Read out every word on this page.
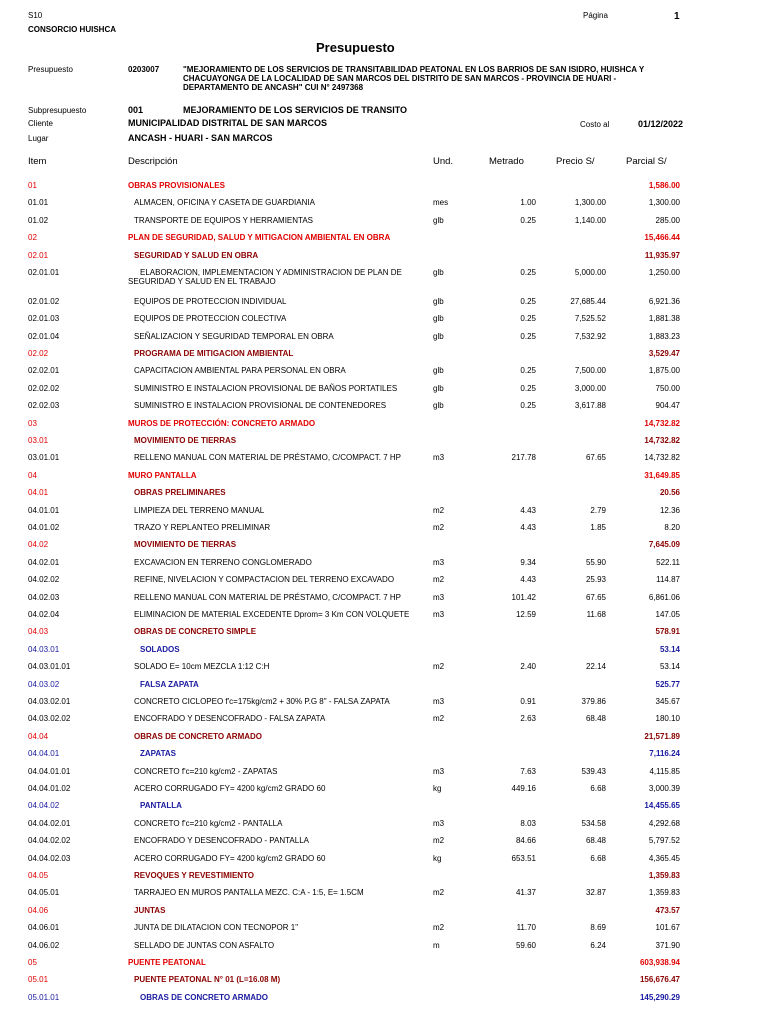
S10
CONSORCIO HUISHCA
Página	1
Presupuesto
Presupuesto	0203007	"MEJORAMIENTO DE LOS SERVICIOS DE TRANSITABILIDAD PEATONAL EN LOS BARRIOS DE SAN ISIDRO, HUISHCA Y
CHACUAYONGA DE LA LOCALIDAD DE SAN MARCOS DEL DISTRITO DE SAN MARCOS - PROVINCIA DE HUARI -
DEPARTAMENTO DE ANCASH" CUI N° 2497368
Subpresupuesto	001	MEJORAMIENTO DE LOS SERVICIOS DE TRANSITO
Cliente	MUNICIPALIDAD DISTRITAL DE SAN MARCOS	Costo al	01/12/2022
Lugar	ANCASH - HUARI - SAN MARCOS
Item	Descripción	Und.	Metrado	Precio S/	Parcial S/
01	OBRAS PROVISIONALES	1,586.00
01.01	ALMACEN, OFICINA Y CASETA DE GUARDIANIA	mes	1.00	1,300.00	1,300.00
01.02	TRANSPORTE DE EQUIPOS Y HERRAMIENTAS	glb	0.25	1,140.00	285.00
02	PLAN DE SEGURIDAD, SALUD Y MITIGACION AMBIENTAL EN OBRA	15,466.44
02.01	SEGURIDAD Y SALUD EN OBRA	11,935.97
02.01.01	ELABORACION, IMPLEMENTACION Y ADMINISTRACION DE PLAN DE SEGURIDAD Y SALUD EN EL TRABAJO
glb	0.25	5,000.00	1,250.00
02.01.02	EQUIPOS DE PROTECCION INDIVIDUAL	glb	0.25	27,685.44	6,921.36
02.01.03	EQUIPOS DE PROTECCION COLECTIVA	glb	0.25	7,525.52	1,881.38
02.01.04	SEÑALIZACION Y SEGURIDAD TEMPORAL EN OBRA	glb	0.25	7,532.92	1,883.23
02.02	PROGRAMA DE MITIGACION AMBIENTAL	3,529.47
02.02.01	CAPACITACION AMBIENTAL PARA PERSONAL EN OBRA	glb	0.25	7,500.00	1,875.00
02.02.02	SUMINISTRO E INSTALACION PROVISIONAL DE BAÑOS PORTATILES	glb	0.25	3,000.00	750.00
02.02.03	SUMINISTRO E INSTALACION PROVISIONAL DE CONTENEDORES	glb	0.25	3,617.88	904.47
03	MUROS DE PROTECCIÓN: CONCRETO ARMADO	14,732.82
03.01	MOVIMIENTO DE TIERRAS	14,732.82
03.01.01	RELLENO MANUAL CON MATERIAL DE PRÉSTAMO, C/COMPACT. 7 HP	m3	217.78	67.65	14,732.82
04	MURO PANTALLA	31,649.85
04.01	OBRAS PRELIMINARES	20.56
04.01.01	LIMPIEZA DEL TERRENO MANUAL	m2	4.43	2.79	12.36
04.01.02	TRAZO Y REPLANTEO PRELIMINAR	m2	4.43	1.85	8.20
04.02	MOVIMIENTO DE TIERRAS	7,645.09
04.02.01	EXCAVACION EN TERRENO CONGLOMERADO	m3	9.34	55.90	522.11
04.02.02	REFINE, NIVELACION Y COMPACTACION DEL TERRENO EXCAVADO	m2	4.43	25.93	114.87
04.02.03	RELLENO MANUAL CON MATERIAL DE PRÉSTAMO, C/COMPACT. 7 HP	m3	101.42	67.65	6,861.06
04.02.04	ELIMINACION DE MATERIAL EXCEDENTE Dprom= 3 Km CON VOLQUETE	m3	12.59	11.68	147.05
04.03	OBRAS DE CONCRETO SIMPLE	578.91
04.03.01	SOLADOS	53.14
04.03.01.01	SOLADO E= 10cm MEZCLA 1:12 C:H	m2	2.40	22.14	53.14
04.03.02	FALSA ZAPATA	525.77
04.03.02.01	CONCRETO CICLOPEO f'c=175kg/cm2 + 30% P.G 8" - FALSA ZAPATA	m3	0.91	379.86	345.67
04.03.02.02	ENCOFRADO Y DESENCOFRADO - FALSA ZAPATA	m2	2.63	68.48	180.10
04.04	OBRAS DE CONCRETO ARMADO	21,571.89
04.04.01	ZAPATAS	7,116.24
04.04.01.01	CONCRETO f'c=210 kg/cm2 - ZAPATAS	m3	7.63	539.43	4,115.85
04.04.01.02	ACERO CORRUGADO FY= 4200 kg/cm2 GRADO 60	kg	449.16	6.68	3,000.39
04.04.02	PANTALLA	14,455.65
04.04.02.01	CONCRETO f'c=210 kg/cm2 - PANTALLA	m3	8.03	534.58	4,292.68
04.04.02.02	ENCOFRADO Y DESENCOFRADO - PANTALLA	m2	84.66	68.48	5,797.52
04.04.02.03	ACERO CORRUGADO FY= 4200 kg/cm2 GRADO 60	kg	653.51	6.68	4,365.45
04.05	REVOQUES Y REVESTIMIENTO	1,359.83
04.05.01	TARRAJEO EN MUROS PANTALLA MEZC. C:A - 1:5, E= 1.5CM	m2	41.37	32.87	1,359.83
04.06	JUNTAS	473.57
04.06.01	JUNTA DE DILATACION CON TECNOPOR 1"	m2	11.70	8.69	101.67
04.06.02	SELLADO DE JUNTAS CON ASFALTO	m	59.60	6.24	371.90
05	PUENTE PEATONAL	603,938.94
05.01	PUENTE PEATONAL N° 01 (L=16.08 M)	156,676.47
05.01.01	OBRAS DE CONCRETO ARMADO	145,290.29
